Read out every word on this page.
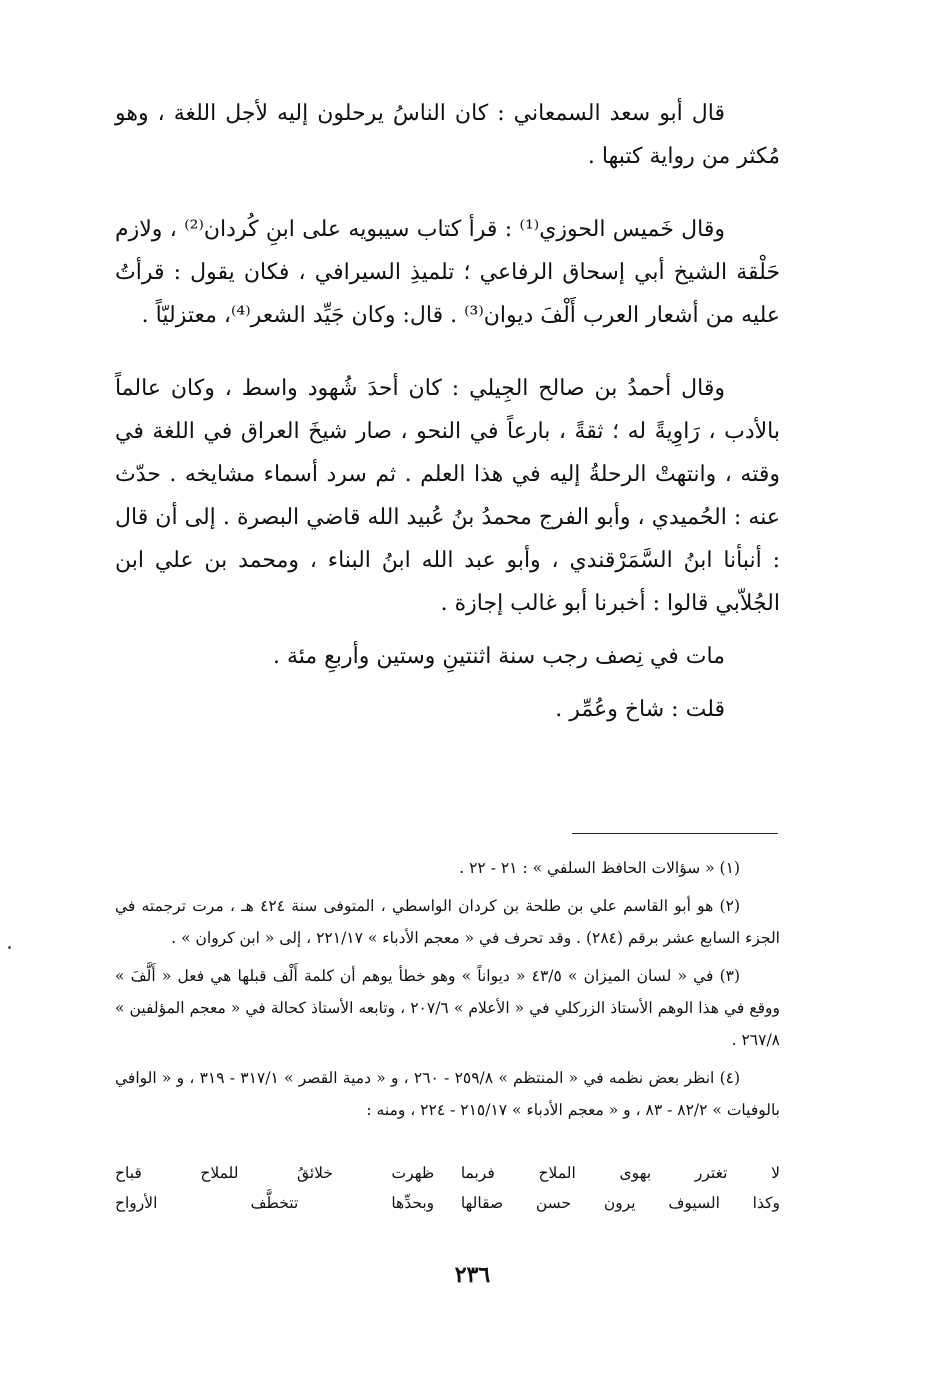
قال أبو سعد السمعاني : كان الناسُ يرحلون إليه لأجل اللغة ، وهو مُكثر من رواية كتبها .

وقال خَميس الحوزي⁽¹⁾ : قرأ كتاب سيبويه على ابنِ كُردان⁽²⁾ ، ولازم حَلْقة الشيخ أبي إسحاق الرفاعي ؛ تلميذِ السيرافي ، فكان يقول : قرأتُ عليه من أشعار العرب أَلْفَ ديوان⁽³⁾ . قال: وكان جَيِّد الشعر⁽⁴⁾، معتزليّاً .

وقال أحمدُ بن صالح الجِيلي : كان أحدَ شُهود واسط ، وكان عالماً بالأدب ، رَاوِيةً له ؛ ثقةً ، بارعاً في النحو ، صار شيخَ العراق في اللغة في وقته ، وانتهتْ الرحلةُ إليه في هذا العلم . ثم سرد أسماء مشايخه . حدّث عنه : الحُميدي ، وأبو الفرج محمدُ بنُ عُبيد الله قاضي البصرة . إلى أن قال : أنبأنا ابنُ السَّمَرْقندي ، وأبو عبد الله ابنُ البناء ، ومحمد بن علي ابن الجُلاّبي قالوا : أخبرنا أبو غالب إجازة .

مات في نِصف رجب سنة اثنتينِ وستين وأربعِ مئة .

قلت : شاخ وعُمِّر .

(١) « سؤالات الحافظ السلفي » : ٢١ - ٢٢ .

(٢) هو أبو القاسم علي بن طلحة بن كردان الواسطي ، المتوفى سنة ٤٢٤ هـ ، مرت ترجمته في الجزء السابع عشر برقم (٢٨٤) . وقد تحرف في « معجم الأدباء » ٢٢١/١٧ ، إلى « ابن كروان » .

(٣) في « لسان الميزان » ٤٣/٥ « ديواناً » وهو خطأ يوهم أن كلمة أَلْف قبلها هي فعل « أَلَّفَ » ووقع في هذا الوهم الأستاذ الزركلي في « الأعلام » ٢٠٧/٦ ، وتابعه الأستاذ كحالة في « معجم المؤلفين » ٢٦٧/٨ .

(٤) انظر بعض نظمه في « المنتظم » ٢٥٩/٨ - ٢٦٠ ، و « دمية القصر » ٣١٧/١ - ٣١٩ ، و « الوافي بالوفيات » ٨٢/٢ - ٨٣ ، و « معجم الأدباء » ٢١٥/١٧ - ٢٢٤ ، ومنه :

لا تغترر بهوى الملاح فربما
ظهرت خلائقُ للملاح قباح
وكذا السيوف يرون حسن صقالها
وبحدِّها تتخطَّف الأرواح
٢٣٦
